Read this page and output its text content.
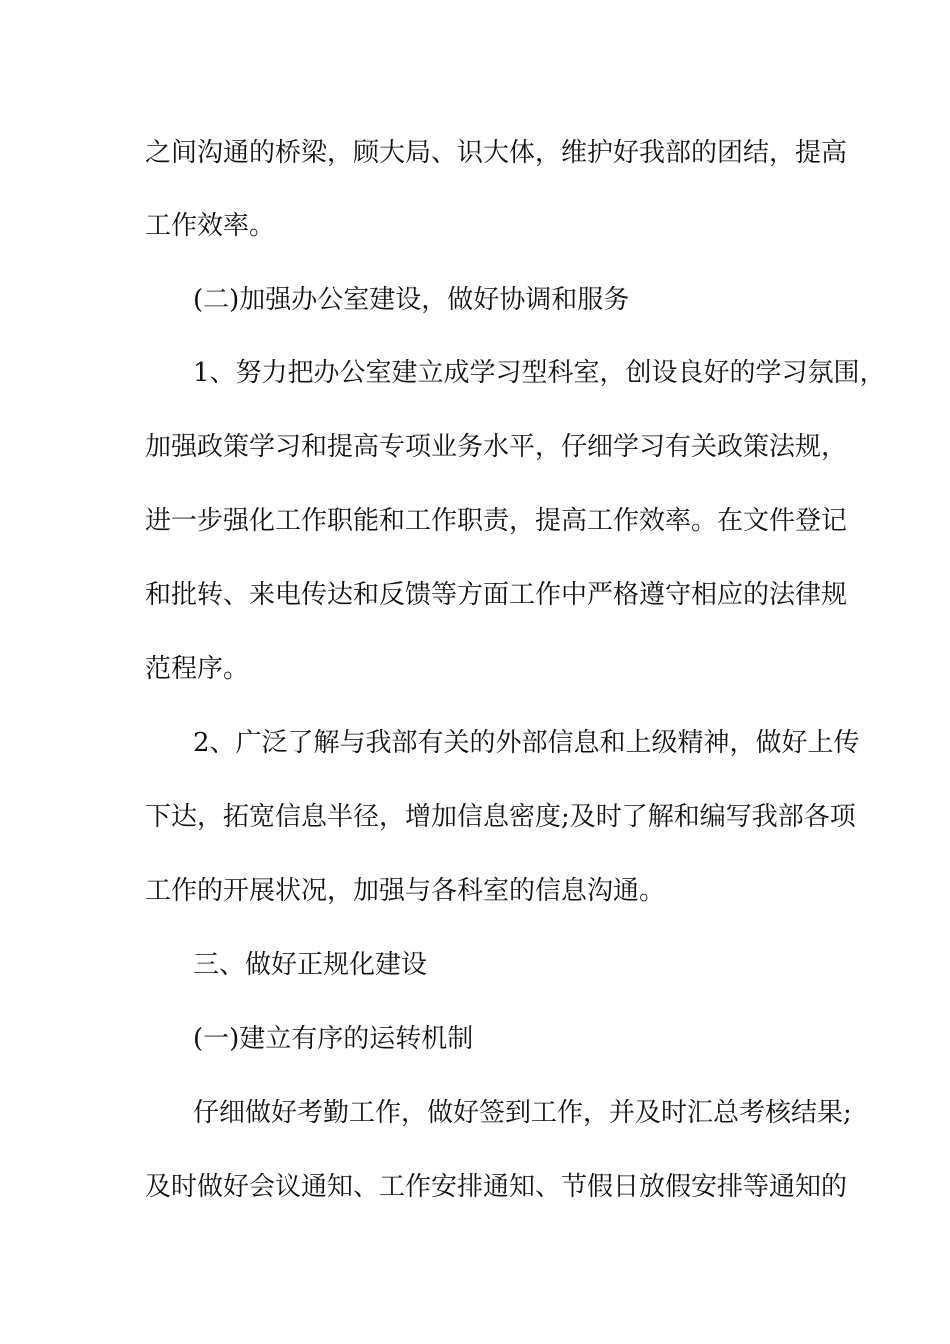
之间沟通的桥梁，顾大局、识大体，维护好我部的团结，提高
工作效率。
(二)加强办公室建设，做好协调和服务
1、努力把办公室建立成学习型科室，创设良好的学习氛围，
加强政策学习和提高专项业务水平，仔细学习有关政策法规，
进一步强化工作职能和工作职责，提高工作效率。在文件登记
和批转、来电传达和反馈等方面工作中严格遵守相应的法律规
范程序。
2、广泛了解与我部有关的外部信息和上级精神，做好上传
下达，拓宽信息半径，增加信息密度;及时了解和编写我部各项
工作的开展状况，加强与各科室的信息沟通。
三、做好正规化建设
(一)建立有序的运转机制
仔细做好考勤工作，做好签到工作，并及时汇总考核结果;
及时做好会议通知、工作安排通知、节假日放假安排等通知的
